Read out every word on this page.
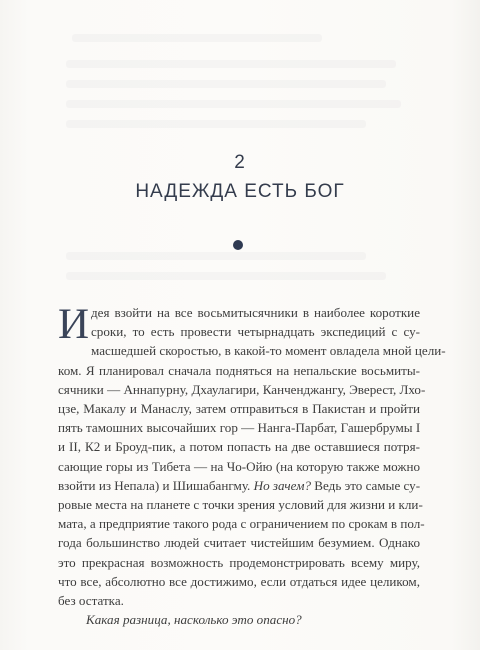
2
НАДЕЖДА ЕСТЬ БОГ
И дея взойти на все восьмитысячники в наиболее короткие
сроки, то есть провести четырнадцать экспедиций с су-
масшедшей скоростью, в какой-то момент овладела мной цели-
ком. Я планировал сначала подняться на непальские восьмиты-
сячники — Аннапурну, Дхаулагири, Канченджангу, Эверест, Лхо-
цзе, Макалу и Манаслу, затем отправиться в Пакистан и пройти
пять тамошних высочайших гор — Нанга-Парбат, Гашербрумы I
и II, К2 и Броуд-пик, а потом попасть на две оставшиеся потря-
сающие горы из Тибета — на Чо-Ойю (на которую также можно
взойти из Непала) и Шишабангму. Но зачем? Ведь это самые су-
ровые места на планете с точки зрения условий для жизни и кли-
мата, а предприятие такого рода с ограничением по срокам в пол-
года большинство людей считает чистейшим безумием. Однако
это прекрасная возможность продемонстрировать всему миру,
что все, абсолютно все достижимо, если отдаться идее целиком,
без остатка.
Какая разница, насколько это опасно?
